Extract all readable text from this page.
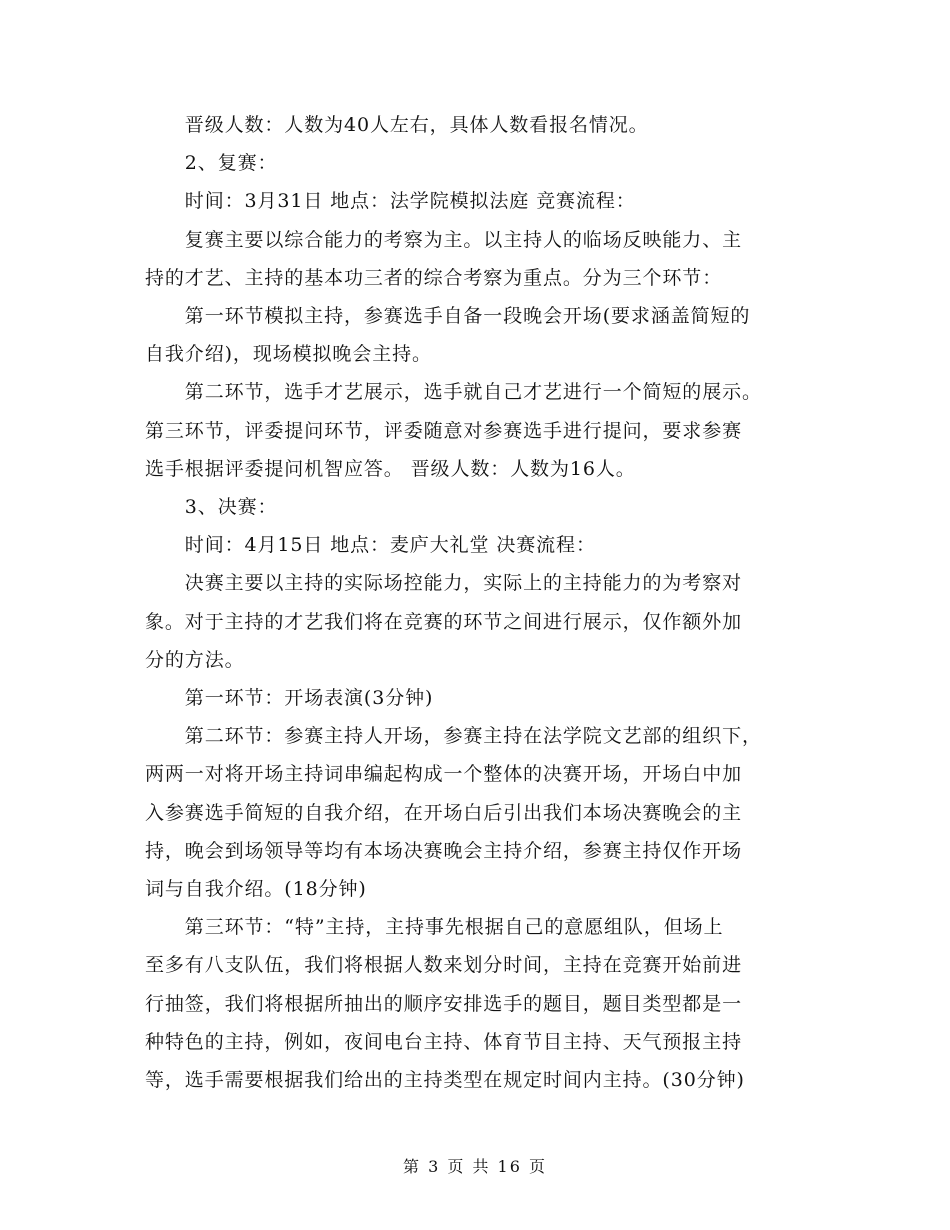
　　晋级人数：人数为40人左右，具体人数看报名情况。

　　2、复赛：

　　时间：3月31日 地点：法学院模拟法庭 竞赛流程：

　　复赛主要以综合能力的考察为主。以主持人的临场反映能力、主

持的才艺、主持的基本功三者的综合考察为重点。分为三个环节：

　　第一环节模拟主持，参赛选手自备一段晚会开场(要求涵盖简短的

自我介绍)，现场模拟晚会主持。

　　第二环节，选手才艺展示，选手就自己才艺进行一个简短的展示。

第三环节，评委提问环节，评委随意对参赛选手进行提问，要求参赛

选手根据评委提问机智应答。 晋级人数：人数为16人。

　　3、决赛：

　　时间：4月15日 地点：麦庐大礼堂 决赛流程：

　　决赛主要以主持的实际场控能力，实际上的主持能力的为考察对

象。对于主持的才艺我们将在竞赛的环节之间进行展示，仅作额外加

分的方法。

　　第一环节：开场表演(3分钟)

　　第二环节：参赛主持人开场，参赛主持在法学院文艺部的组织下，

两两一对将开场主持词串编起构成一个整体的决赛开场，开场白中加

入参赛选手简短的自我介绍，在开场白后引出我们本场决赛晚会的主

持，晚会到场领导等均有本场决赛晚会主持介绍，参赛主持仅作开场

词与自我介绍。(18分钟)

　　第三环节：“特”主持，主持事先根据自己的意愿组队，但场上

至多有八支队伍，我们将根据人数来划分时间，主持在竞赛开始前进

行抽签，我们将根据所抽出的顺序安排选手的题目，题目类型都是一

种特色的主持，例如，夜间电台主持、体育节目主持、天气预报主持

等，选手需要根据我们给出的主持类型在规定时间内主持。(30分钟)

第 3 页 共 16 页
